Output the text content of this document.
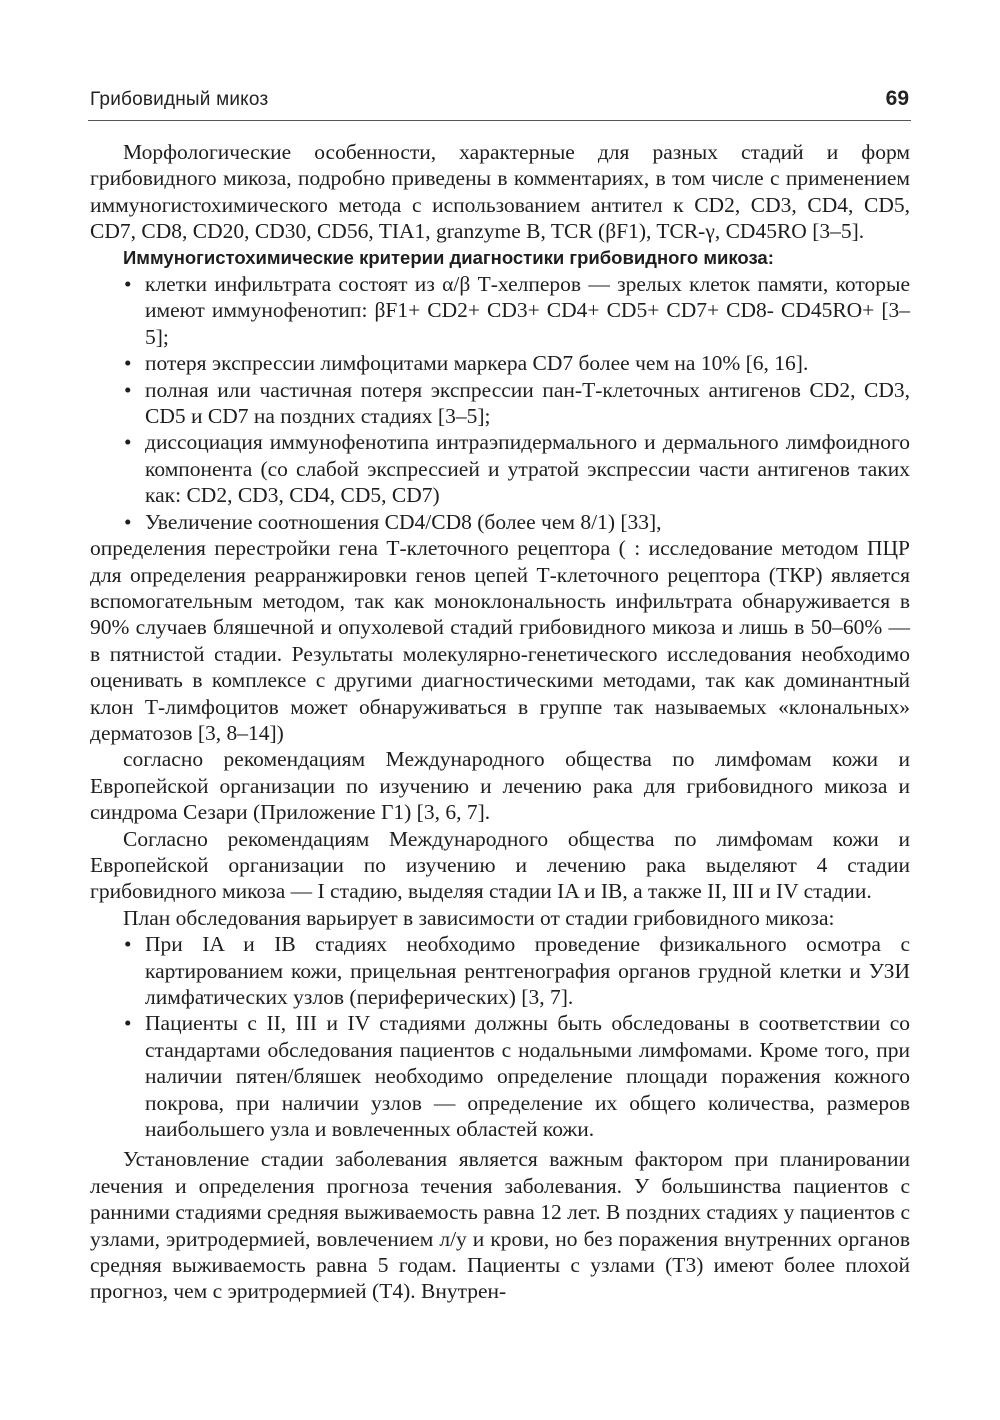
Грибовидный микоз	69

Морфологические особенности, характерные для разных стадий и форм грибовидного микоза, подробно приведены в комментариях, в том числе с применением иммуногистохимического метода с использованием антител к CD2, CD3, CD4, CD5, CD7, CD8, CD20, CD30, CD56, TIA1, granzyme B, TCR (βF1), TCR-γ, CD45RO [3–5].

Иммуногистохимические критерии диагностики грибовидного микоза:

• клетки инфильтрата состоят из α/β Т-хелперов — зрелых клеток памяти, которые имеют иммунофенотип: βF1+ CD2+ CD3+ CD4+ CD5+ CD7+ CD8- CD45RO+ [3–5];
• потеря экспрессии лимфоцитами маркера CD7 более чем на 10% [6, 16].
• полная или частичная потеря экспрессии пан-Т-клеточных антигенов CD2, CD3, CD5 и CD7 на поздних стадиях [3–5];
• диссоциация иммунофенотипа интраэпидермального и дермального лимфоидного компонента (со слабой экспрессией и утратой экспрессии части антигенов таких как: CD2, CD3, CD4, CD5, CD7)
• Увеличение соотношения CD4/CD8 (более чем 8/1) [33],

определения перестройки гена Т-клеточного рецептора ( : исследование методом ПЦР для определения реарранжировки генов цепей Т-клеточного рецептора (ТКР) является вспомогательным методом, так как моноклональность инфильтрата обнаруживается в 90% случаев бляшечной и опухолевой стадий грибовидного микоза и лишь в 50–60% — в пятнистой стадии. Результаты молекулярно-генетического исследования необходимо оценивать в комплексе с другими диагностическими методами, так как доминантный клон Т-лимфоцитов может обнаруживаться в группе так называемых «клональных» дерматозов [3, 8–14])

согласно рекомендациям Международного общества по лимфомам кожи и Европейской организации по изучению и лечению рака для грибовидного микоза и синдрома Сезари (Приложение Г1) [3, 6, 7].

Согласно рекомендациям Международного общества по лимфомам кожи и Европейской организации по изучению и лечению рака выделяют 4 стадии грибовидного микоза — I стадию, выделяя стадии IA и IB, а также II, III и IV стадии.

План обследования варьирует в зависимости от стадии грибовидного микоза:

• При IA и IB стадиях необходимо проведение физикального осмотра с картированием кожи, прицельная рентгенография органов грудной клетки и УЗИ лимфатических узлов (периферических) [3, 7].
• Пациенты с II, III и IV стадиями должны быть обследованы в соответствии со стандартами обследования пациентов с нодальными лимфомами. Кроме того, при наличии пятен/бляшек необходимо определение площади поражения кожного покрова, при наличии узлов — определение их общего количества, размеров наибольшего узла и вовлеченных областей кожи.

Установление стадии заболевания является важным фактором при планировании лечения и определения прогноза течения заболевания. У большинства пациентов с ранними стадиями средняя выживаемость равна 12 лет. В поздних стадиях у пациентов с узлами, эритродермией, вовлечением л/у и крови, но без поражения внутренних органов средняя выживаемость равна 5 годам. Пациенты с узлами (Т3) имеют более плохой прогноз, чем с эритродермией (Т4). Внутрен-
